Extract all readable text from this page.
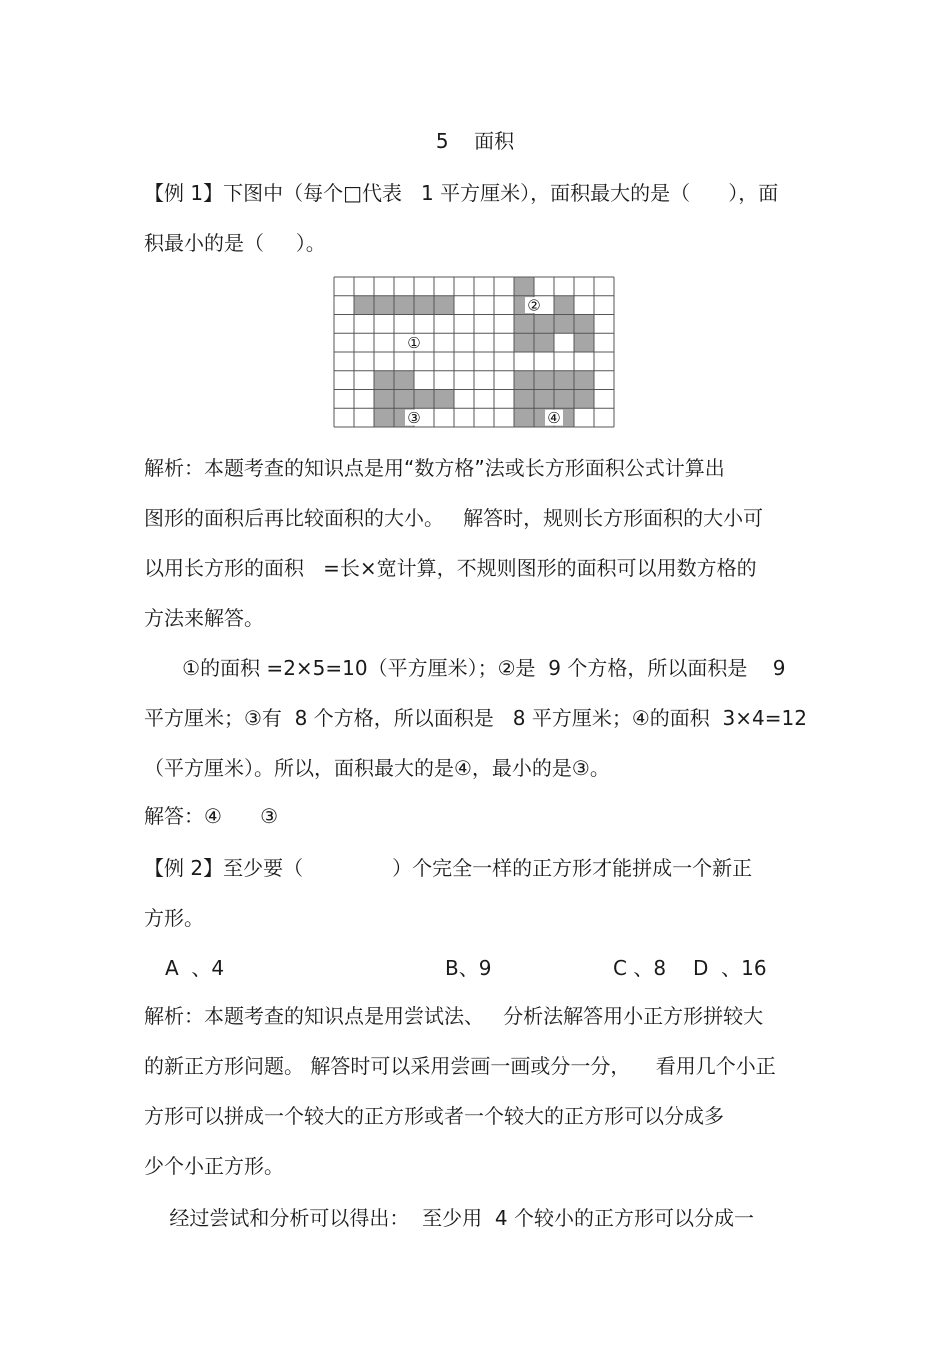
5    面积
【例 1】下图中（每个□代表   1 平方厘米），面积最大的是（      ），面
积最小的是（     ）。
②
①
③	④
解析：本题考查的知识点是用“数方格”法或长方形面积公式计算出
图形的面积后再比较面积的大小。   解答时，规则长方形面积的大小可
以用长方形的面积   =长×宽计算，不规则图形的面积可以用数方格的
方法来解答。
①的面积 =2×5=10（平方厘米）；②是  9 个方格，所以面积是    9
平方厘米；③有  8 个方格，所以面积是   8 平方厘米；④的面积  3×4=12
（平方厘米）。所以，面积最大的是④，最小的是③。
解答：④      ③
【例 2】至少要（              ）个完全一样的正方形才能拼成一个新正
方形。
A  、4	B、9	C 、8 D  、16
解析：本题考查的知识点是用尝试法、   分析法解答用小正方形拼较大
的新正方形问题。 解答时可以采用尝画一画或分一分，    看用几个小正
方形可以拼成一个较大的正方形或者一个较大的正方形可以分成多
少个小正方形。
经过尝试和分析可以得出：  至少用  4 个较小的正方形可以分成一
